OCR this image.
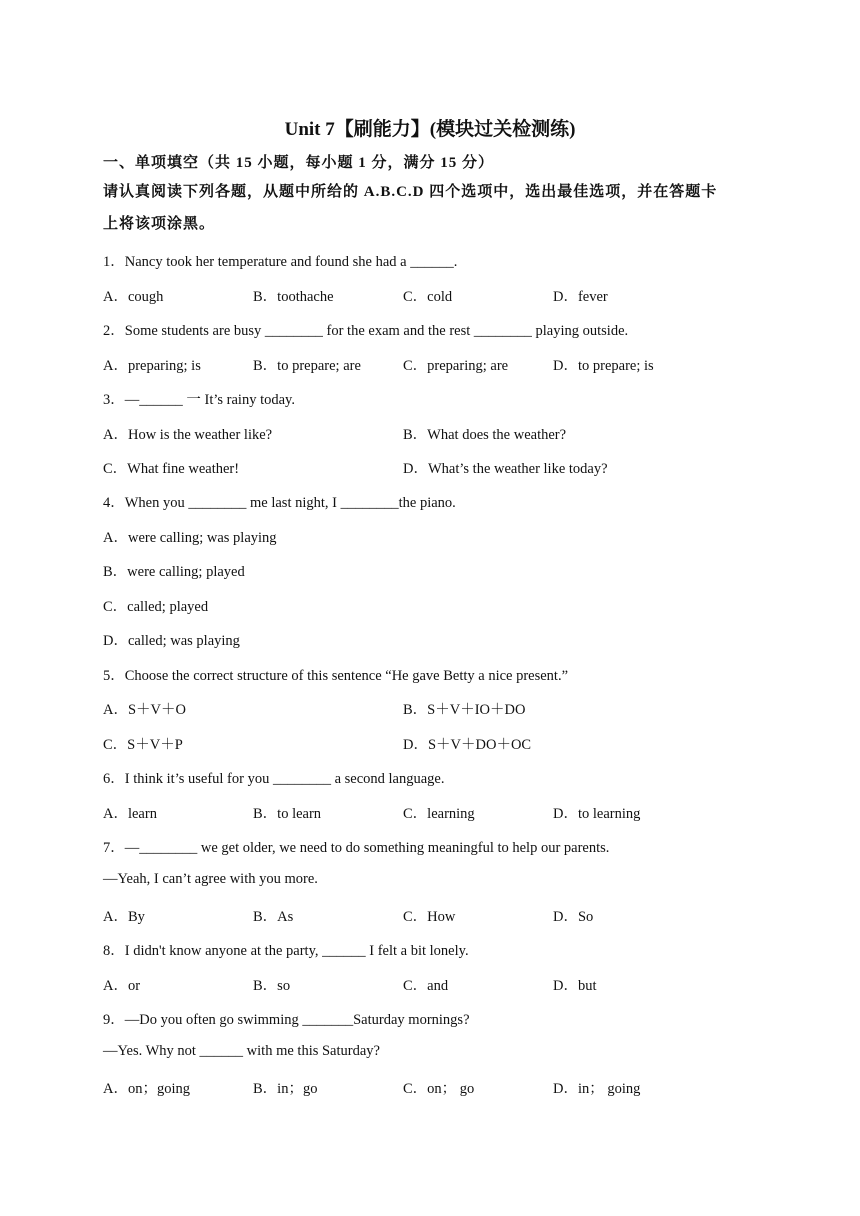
Unit 7【刷能力】(模块过关检测练)
一、单项填空（共 15 小题，每小题 1 分，满分 15 分）
请认真阅读下列各题，从题中所给的 A.B.C.D 四个选项中，选出最佳选项，并在答题卡
上将该项涂黑。
1．Nancy took her temperature and found she had a ______.
A．cough	B．toothache	C．cold	D．fever
2．Some students are busy ________ for the exam and the rest ________ playing outside.
A．preparing; is	B．to prepare; are	C．preparing; are	D．to prepare; is
3．—______ 一 It’s rainy today.
A．How is the weather like?	B．What does the weather?
C．What fine weather!	D．What’s the weather like today?
4．When you ________ me last night, I ________the piano.
A．were calling; was playing
B．were calling; played
C．called; played
D．called; was playing
5．Choose the correct structure of this sentence “He gave Betty a nice present.”
A．S＋V＋O	B．S＋V＋IO＋DO
C．S＋V＋P	D．S＋V＋DO＋OC
6．I think it’s useful for you ________ a second language.
A．learn	B．to learn	C．learning	D．to learning
7．—________ we get older, we need to do something meaningful to help our parents.
—Yeah, I can’t agree with you more.
A．By	B．As	C．How	D．So
8．I didn't know anyone at the party, ______ I felt a bit lonely.
A．or	B．so	C．and	D．but
9．—Do you often go swimming _______Saturday mornings?
—Yes. Why not ______ with me this Saturday?
A．on；going	B．in；go	C．on； go	D．in； going
